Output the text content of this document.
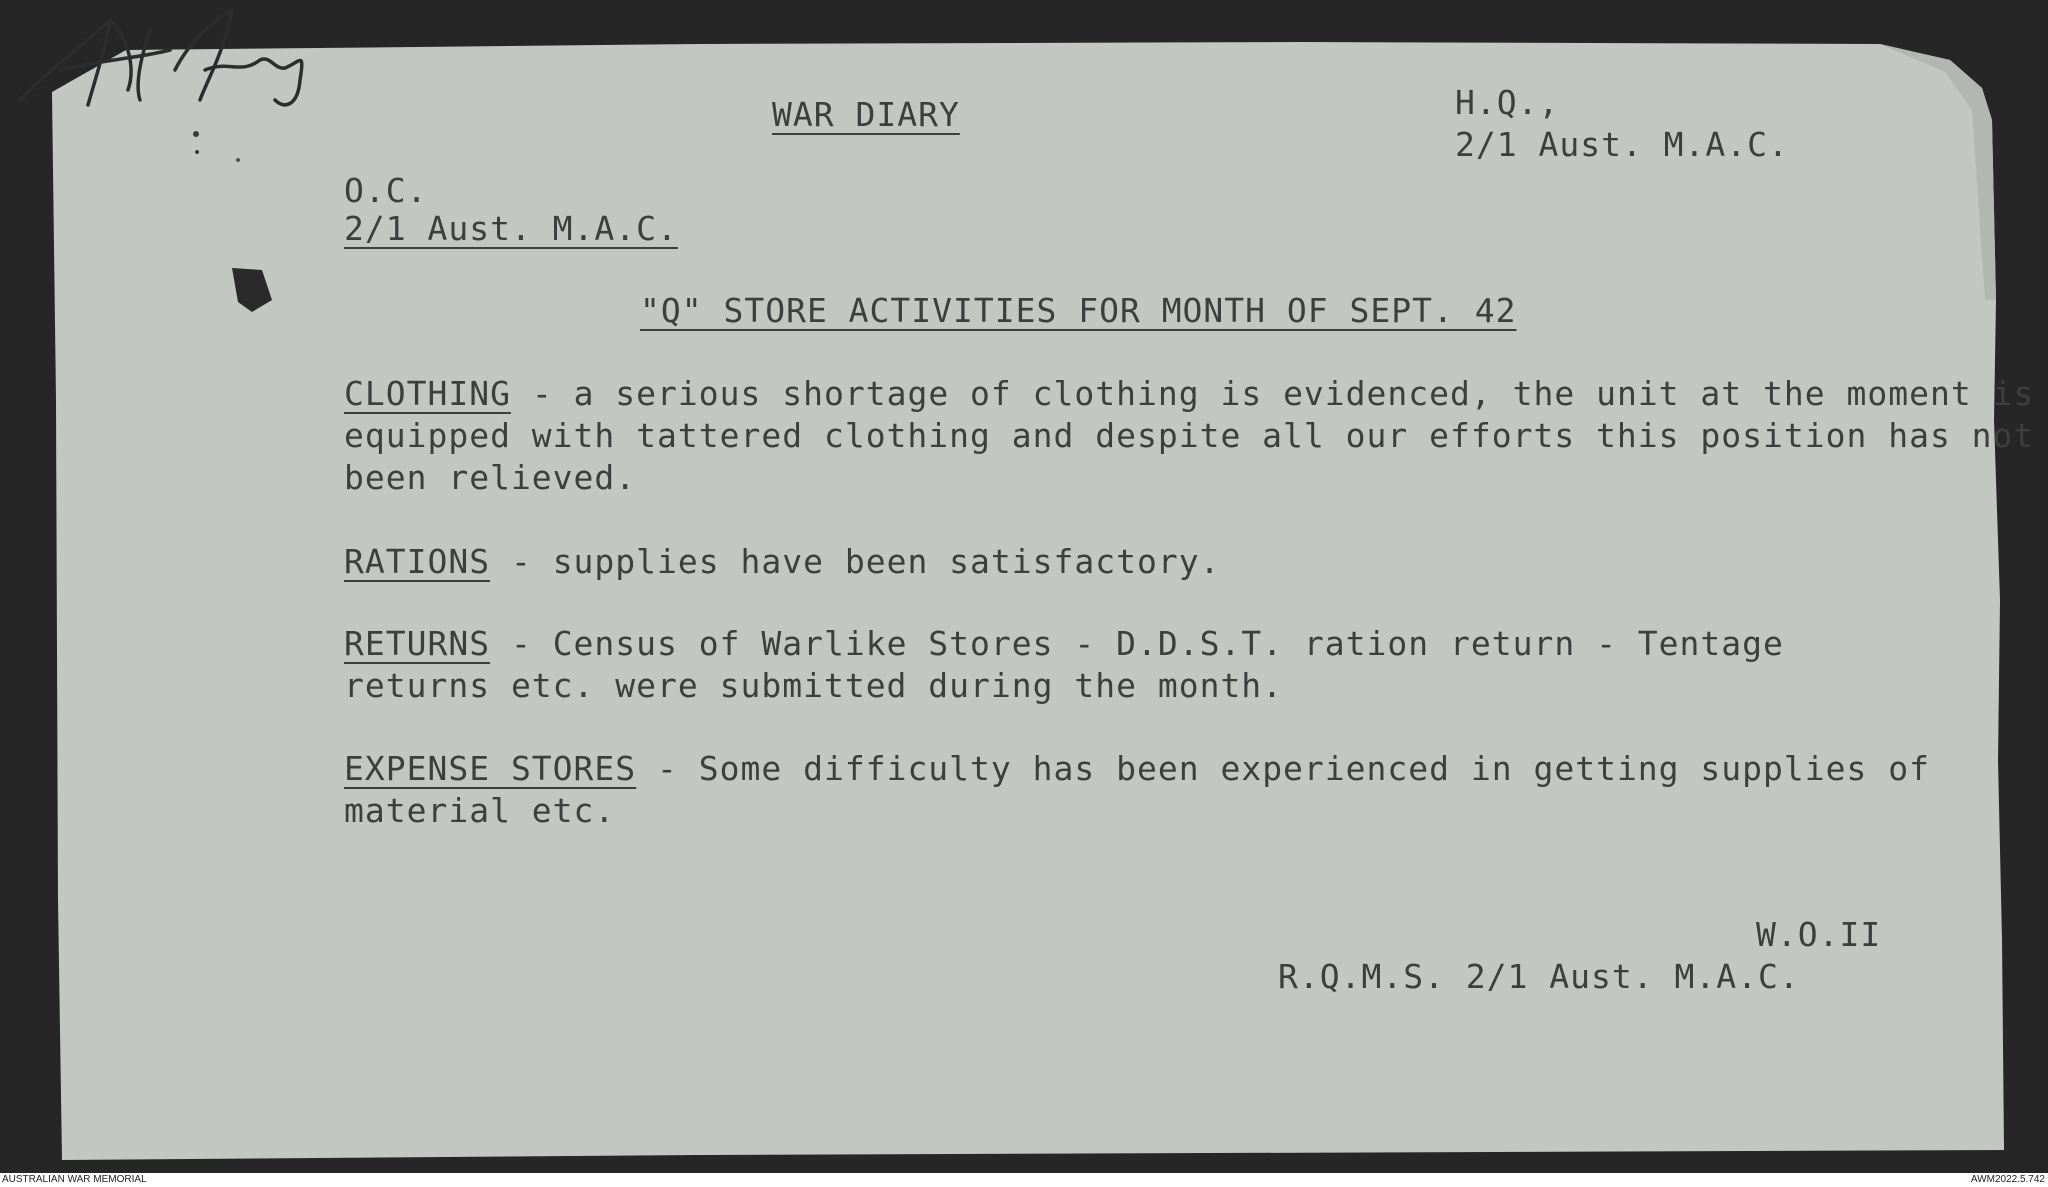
WAR DIARY	H.Q.,
2/1 Aust. M.A.C.
O.C.
2/1 Aust. M.A.C.
"Q" STORE ACTIVITIES FOR MONTH OF SEPT. 42
CLOTHING - a serious shortage of clothing is evidenced, the unit at the moment is equipped with tattered clothing and despite all our efforts this position has not been relieved.
RATIONS - supplies have been satisfactory.
RETURNS - Census of Warlike Stores - D.D.S.T. ration return - Tentage returns etc. were submitted during the month.
EXPENSE STORES - Some difficulty has been experienced in getting supplies of material etc.
W.O.II
R.Q.M.S. 2/1 Aust. M.A.C.
AUSTRALIAN WAR MEMORIAL	AWM2022.5.742
